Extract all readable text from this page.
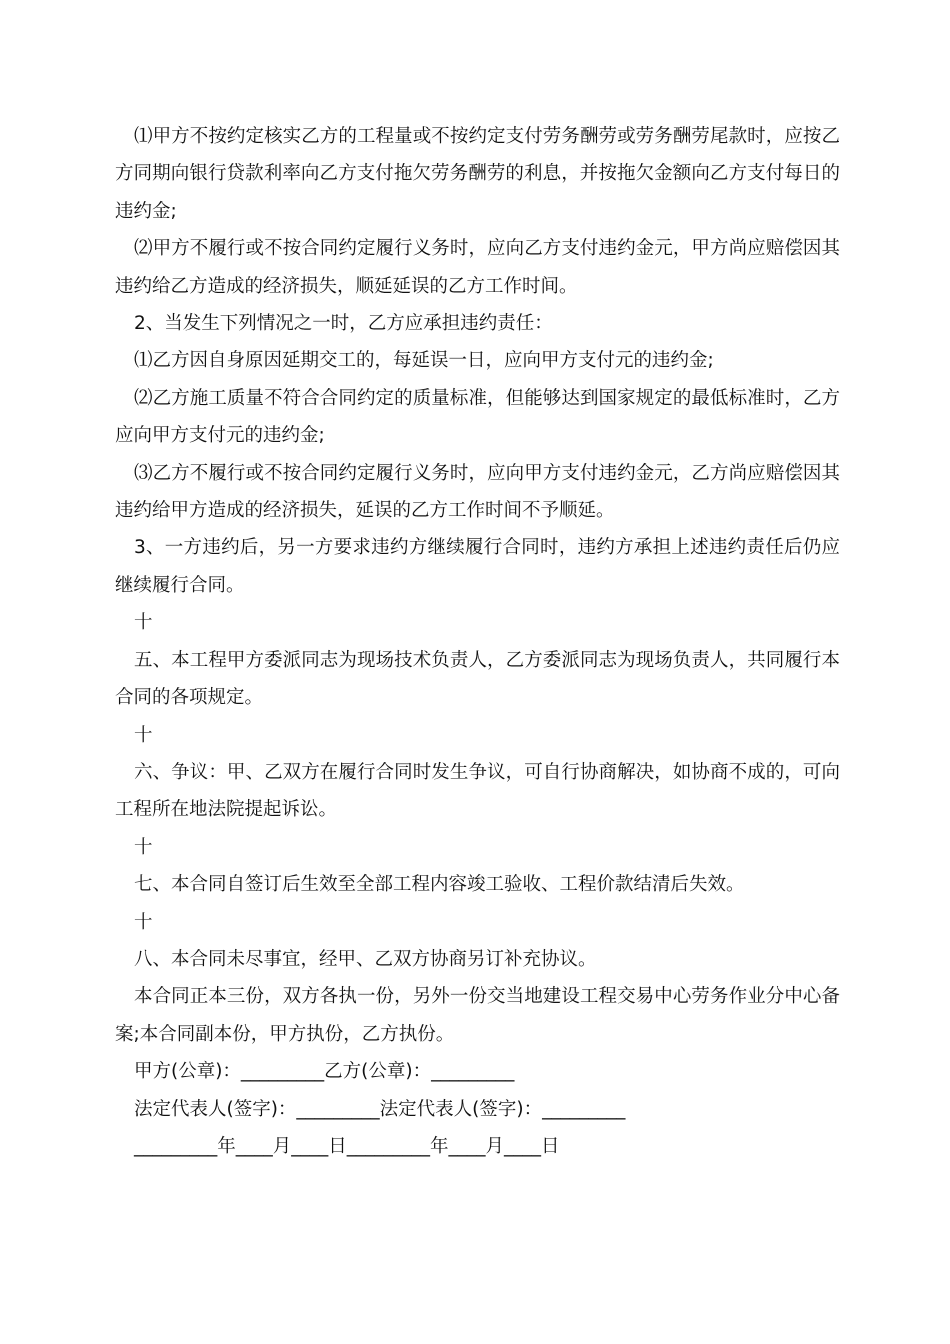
⑴甲方不按约定核实乙方的工程量或不按约定支付劳务酬劳或劳务酬劳尾款时，应按乙方同期向银行贷款利率向乙方支付拖欠劳务酬劳的利息，并按拖欠金额向乙方支付每日的违约金;

⑵甲方不履行或不按合同约定履行义务时，应向乙方支付违约金元，甲方尚应赔偿因其违约给乙方造成的经济损失，顺延延误的乙方工作时间。

2、当发生下列情况之一时，乙方应承担违约责任：

⑴乙方因自身原因延期交工的，每延误一日，应向甲方支付元的违约金;

⑵乙方施工质量不符合合同约定的质量标准，但能够达到国家规定的最低标准时，乙方应向甲方支付元的违约金;

⑶乙方不履行或不按合同约定履行义务时，应向甲方支付违约金元，乙方尚应赔偿因其违约给甲方造成的经济损失，延误的乙方工作时间不予顺延。

3、一方违约后，另一方要求违约方继续履行合同时，违约方承担上述违约责任后仍应继续履行合同。

十

五、本工程甲方委派同志为现场技术负责人，乙方委派同志为现场负责人，共同履行本合同的各项规定。

十

六、争议：甲、乙双方在履行合同时发生争议，可自行协商解决，如协商不成的，可向工程所在地法院提起诉讼。

十

七、本合同自签订后生效至全部工程内容竣工验收、工程价款结清后失效。

十

八、本合同未尽事宜，经甲、乙双方协商另订补充协议。

本合同正本三份，双方各执一份，另外一份交当地建设工程交易中心劳务作业分中心备案;本合同副本份，甲方执份，乙方执份。

甲方(公章)：_________乙方(公章)：_________

法定代表人(签字)：_________法定代表人(签字)：_________

_________年____月____日_________年____月____日
